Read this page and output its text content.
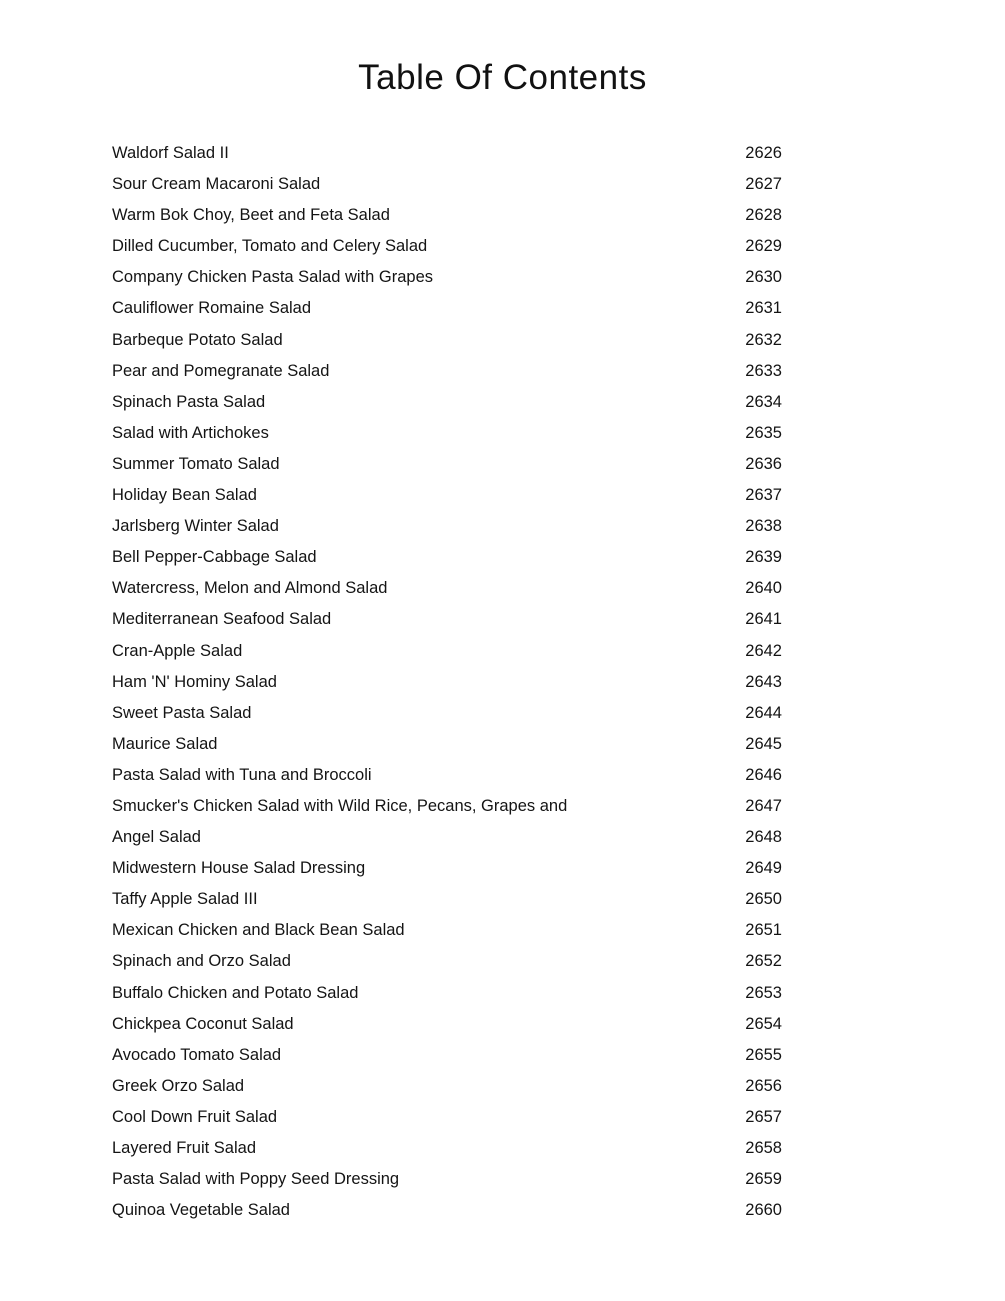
Table Of Contents
Waldorf Salad II	2626
Sour Cream Macaroni Salad	2627
Warm Bok Choy, Beet and Feta Salad	2628
Dilled Cucumber, Tomato and Celery Salad	2629
Company Chicken Pasta Salad with Grapes	2630
Cauliflower Romaine Salad	2631
Barbeque Potato Salad	2632
Pear and Pomegranate Salad	2633
Spinach Pasta Salad	2634
Salad with Artichokes	2635
Summer Tomato Salad	2636
Holiday Bean Salad	2637
Jarlsberg Winter Salad	2638
Bell Pepper-Cabbage Salad	2639
Watercress, Melon and Almond Salad	2640
Mediterranean Seafood Salad	2641
Cran-Apple Salad	2642
Ham 'N' Hominy Salad	2643
Sweet Pasta Salad	2644
Maurice Salad	2645
Pasta Salad with Tuna and Broccoli	2646
Smucker's Chicken Salad with Wild Rice, Pecans, Grapes and	2647
Angel Salad	2648
Midwestern House Salad Dressing	2649
Taffy Apple Salad III	2650
Mexican Chicken and Black Bean Salad	2651
Spinach and Orzo Salad	2652
Buffalo Chicken and Potato Salad	2653
Chickpea Coconut Salad	2654
Avocado Tomato Salad	2655
Greek Orzo Salad	2656
Cool Down Fruit Salad	2657
Layered Fruit Salad	2658
Pasta Salad with Poppy Seed Dressing	2659
Quinoa Vegetable Salad	2660
